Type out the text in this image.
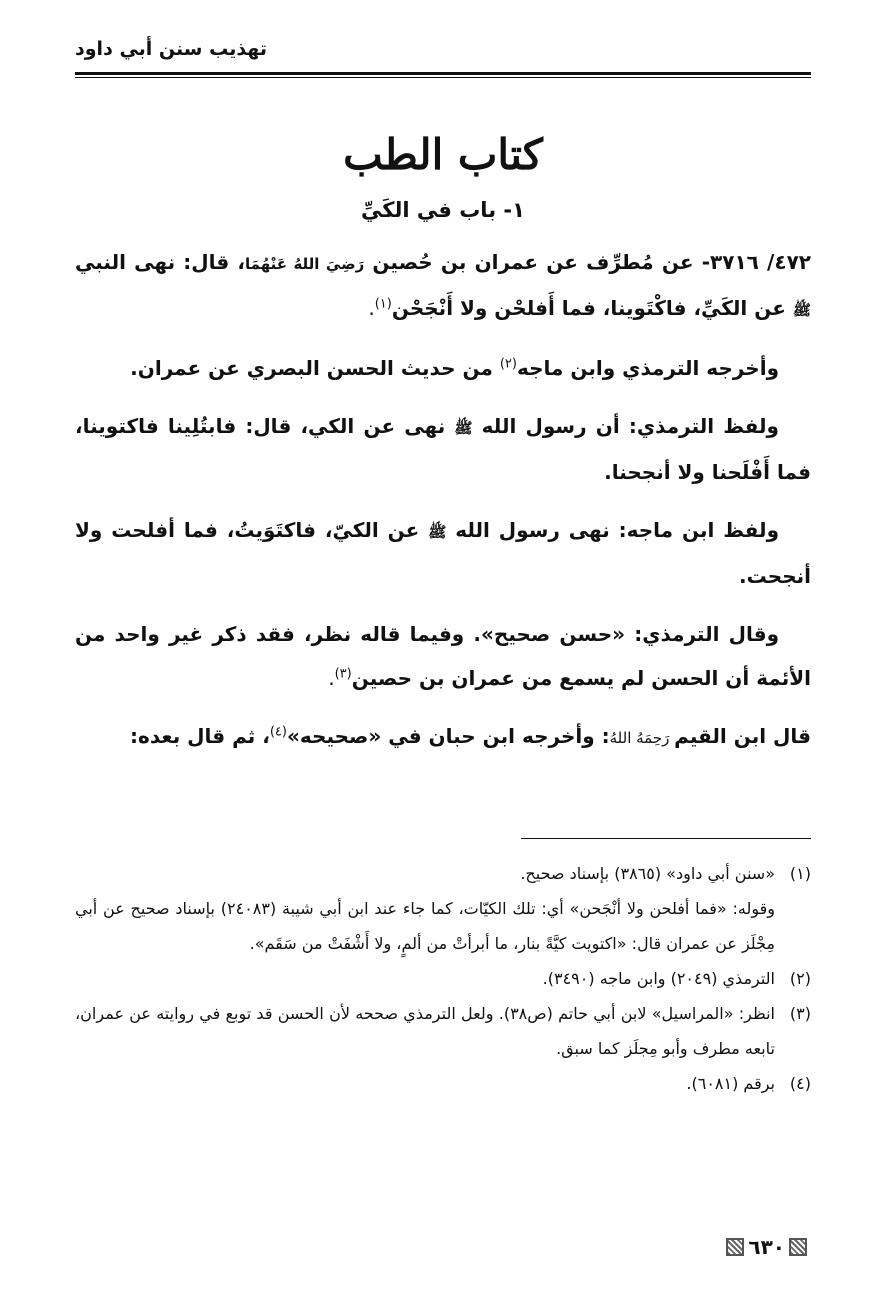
تهذيب سنن أبي داود
كتاب الطب
١- باب في الكَيِّ

٤٧٢/ ٣٧١٦- عن مُطرِّف عن عمران بن حُصين رَضِيَ اللهُ عَنْهُمَا، قال: نهى النبي ﷺ عن الكَيِّ، فاكْتَوينا، فما أَفلحْن ولا أَنْجَحْن$^{(١)}$.

وأخرجه الترمذي وابن ماجه$^{(٢)}$ من حديث الحسن البصري عن عمران.

ولفظ الترمذي: أن رسول الله ﷺ نهى عن الكي، قال: فابتُلِينا فاكتوينا، فما أَفْلَحنا ولا أنجحنا.

ولفظ ابن ماجه: نهى رسول الله ﷺ عن الكيّ، فاكتَوَيتُ، فما أفلحت ولا أنجحت.

وقال الترمذي: «حسن صحيح». وفيما قاله نظر، فقد ذكر غير واحد من الأئمة أن الحسن لم يسمع من عمران بن حصين$^{(٣)}$.

قال ابن القيم رَحِمَهُ اللهُ: وأخرجه ابن حبان في «صحيحه»$^{(٤)}$، ثم قال بعده:

(١)
«سنن أبي داود» (٣٨٦٥) بإسناد صحيح.
وقوله: «فما أفلحن ولا أنْجَحن» أي: تلك الكيّات، كما جاء عند ابن أبي شيبة (٢٤٠٨٣) بإسناد صحيح عن أبي مِجْلَز عن عمران قال: «اكتويت كيَّةً بنار، ما أبرأتْ من ألمٍ، ولا أَشْفَتْ من سَقَم».
(٢)
الترمذي (٢٠٤٩) وابن ماجه (٣٤٩٠).
(٣)
انظر: «المراسيل» لابن أبي حاتم (ص٣٨). ولعل الترمذي صححه لأن الحسن قد توبع في روايته عن عمران، تابعه مطرف وأبو مِجلَز كما سبق.
(٤)
برقم (٦٠٨١).
٦٣٠
